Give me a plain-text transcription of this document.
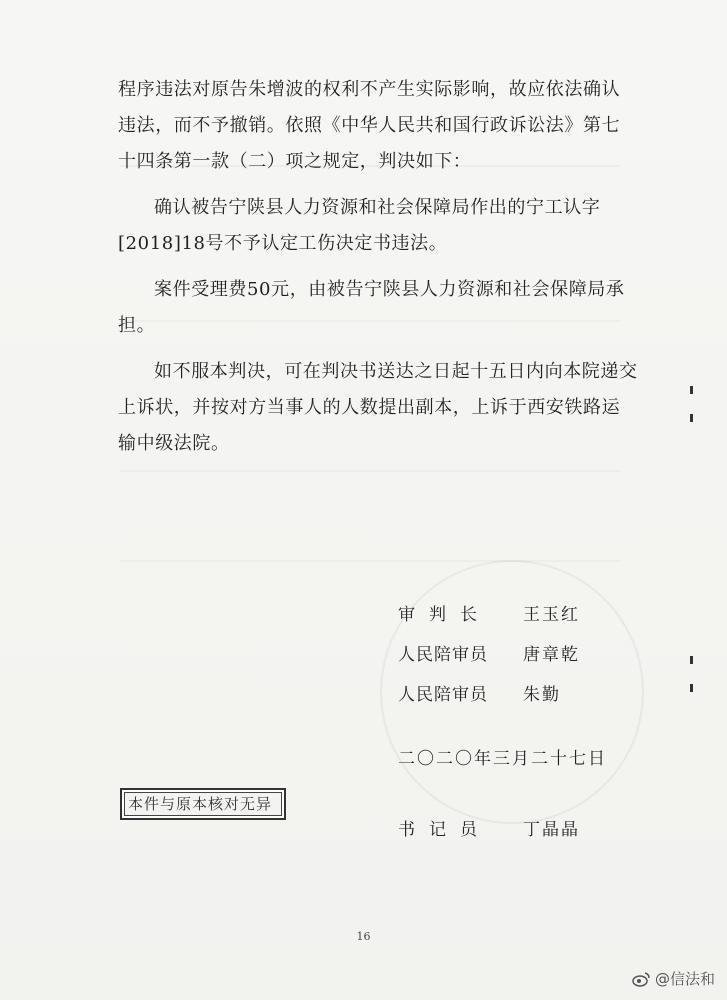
程序违法对原告朱增波的权利不产生实际影响，故应依法确认违法，而不予撤销。依照《中华人民共和国行政诉讼法》第七十四条第一款（二）项之规定，判决如下：

确认被告宁陕县人力资源和社会保障局作出的宁工认字[2018]18号不予认定工伤决定书违法。

案件受理费50元，由被告宁陕县人力资源和社会保障局承担。

如不服本判决，可在判决书送达之日起十五日内向本院递交上诉状，并按对方当事人的人数提出副本，上诉于西安铁路运输中级法院。

审判长	王玉红
人民陪审员	唐章乾
人民陪审员	朱勤
二〇二〇年三月二十七日
本件与原本核对无异
书记员	丁晶晶
16
@信法和
